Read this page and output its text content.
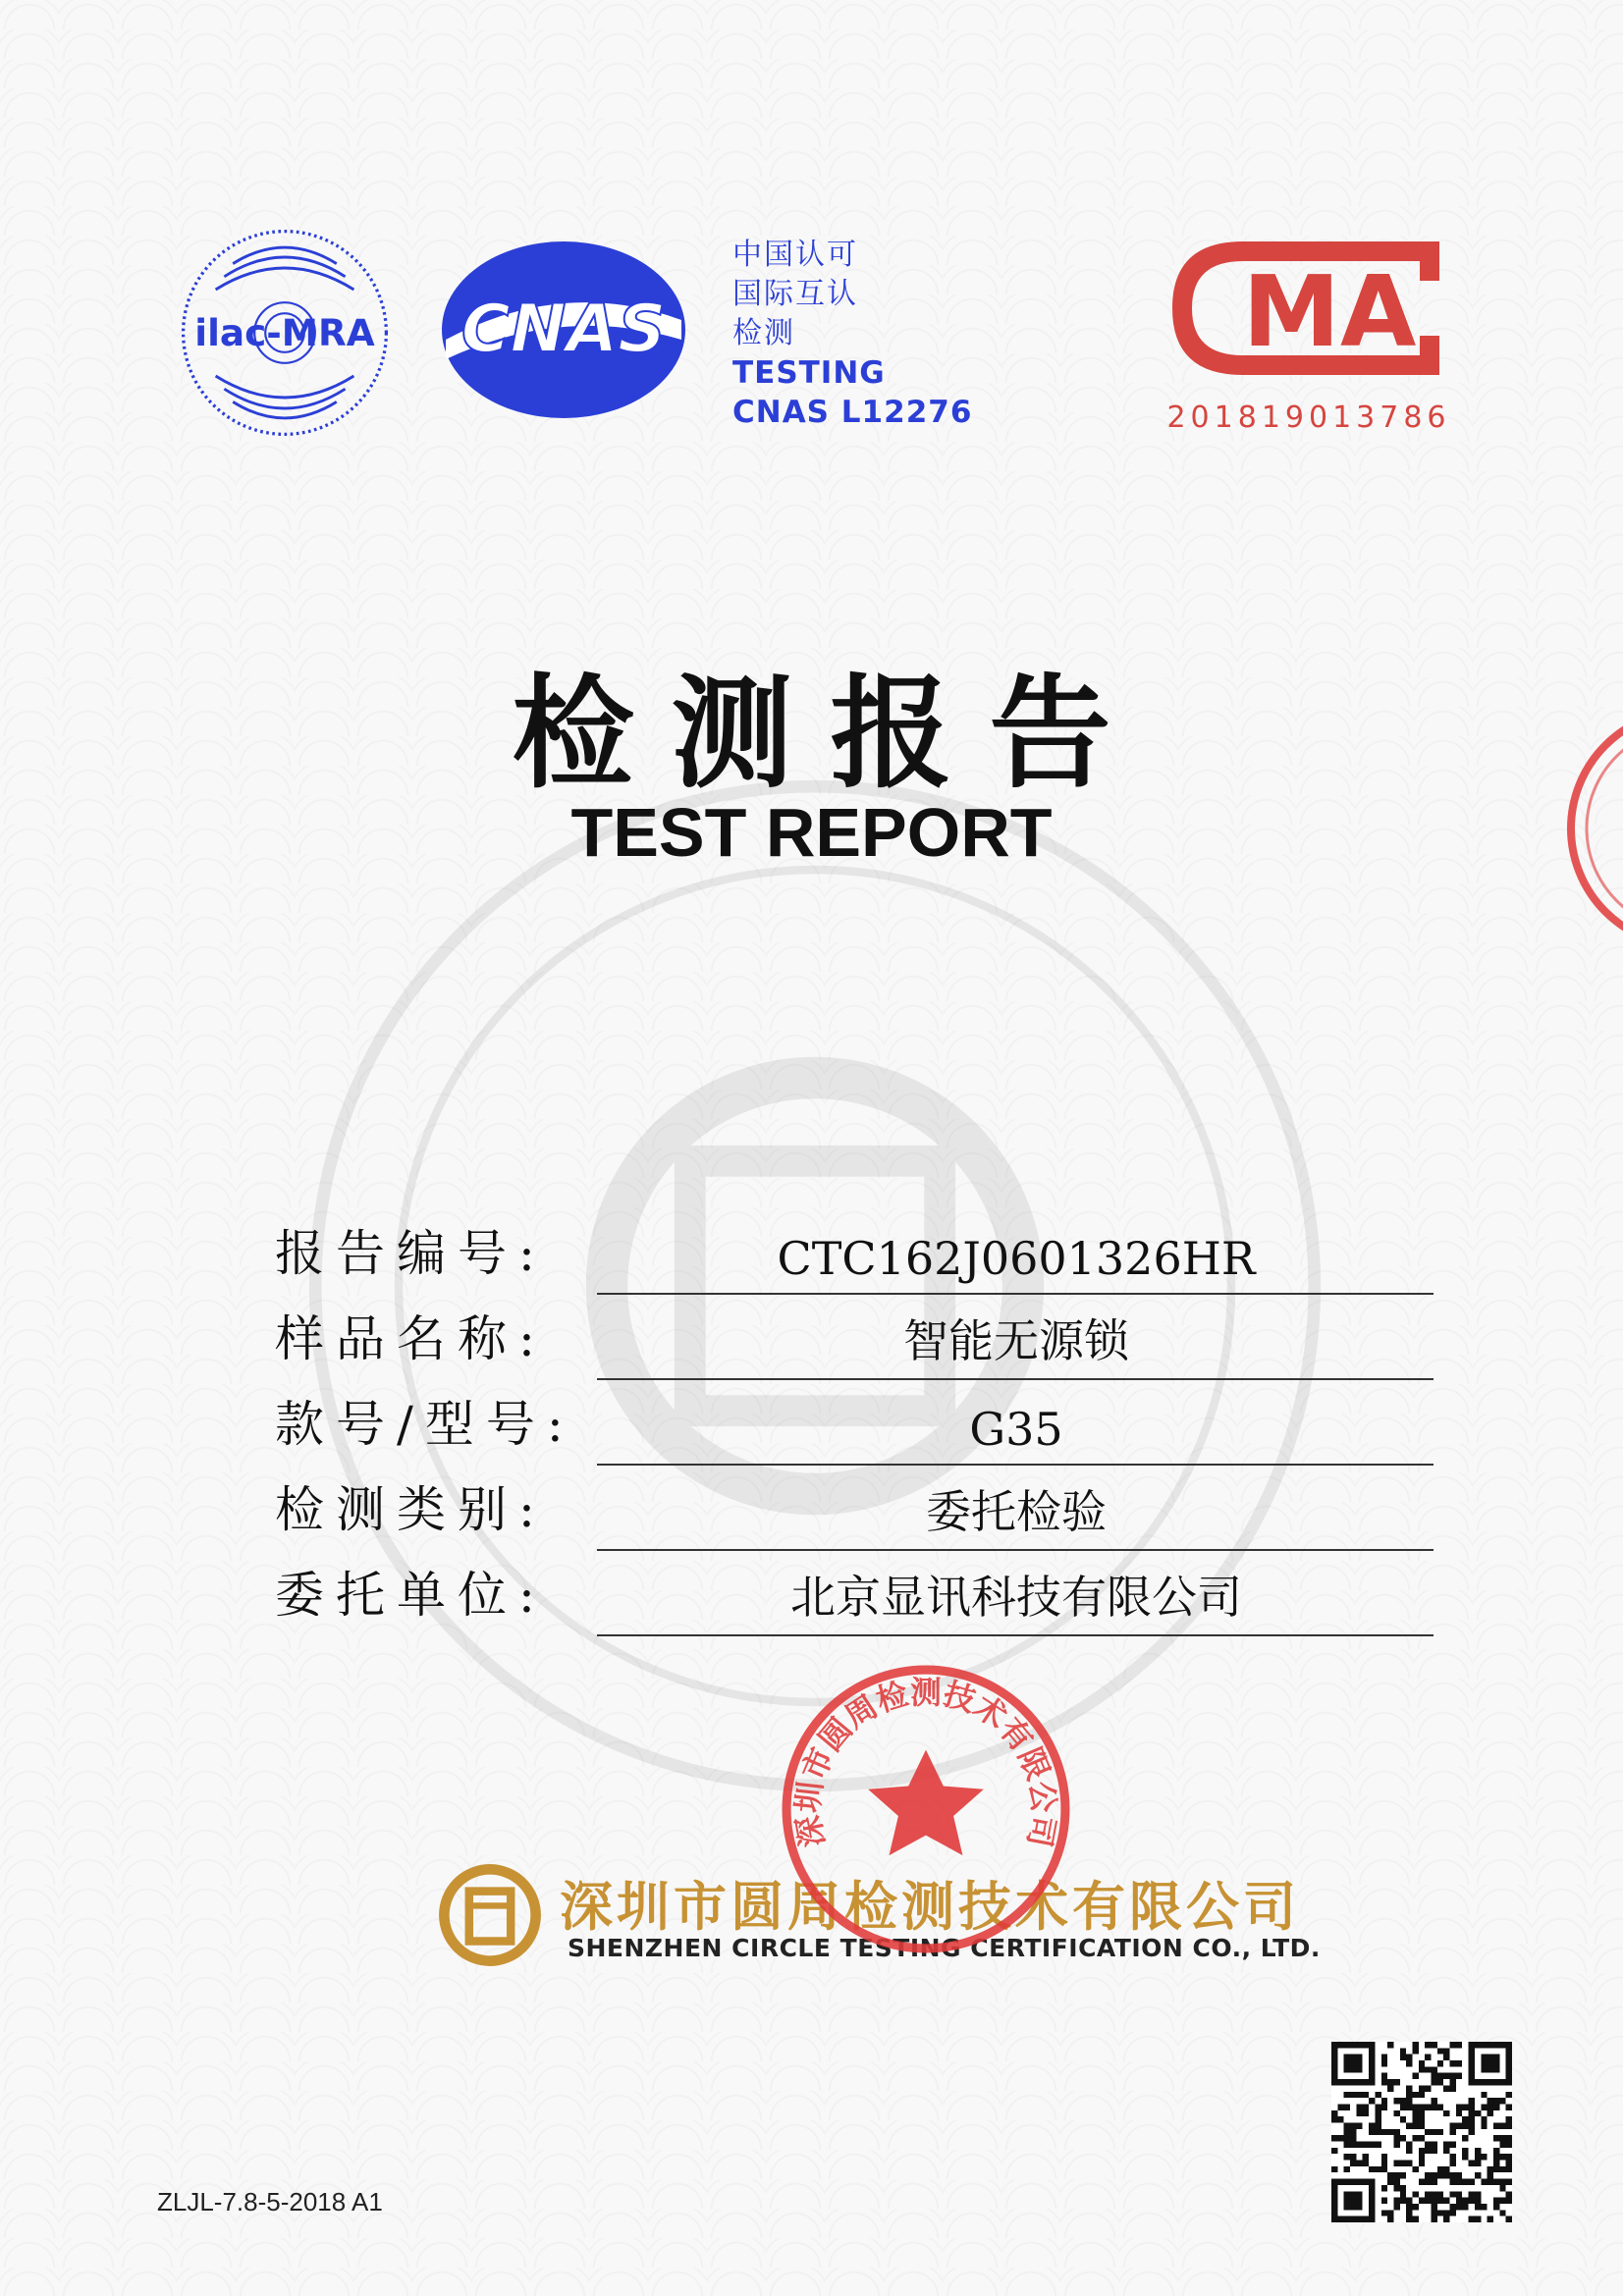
ilac-MRA	CNAS
中国认可
国际互认
检测
TESTING
CNAS L12276
MA
201819013786
检测报告
TEST REPORT
报告编号:	CTC162J0601326HR
样品名称:	智能无源锁
款号/型号:	G35
检测类别:	委托检验
委托单位:	北京显讯科技有限公司
深圳市圆周检测技术有限公司
SHENZHEN CIRCLE TESTING CERTIFICATION CO., LTD.
深圳市圆周检测技术有限公司
ZLJL-7.8-5-2018 A1
